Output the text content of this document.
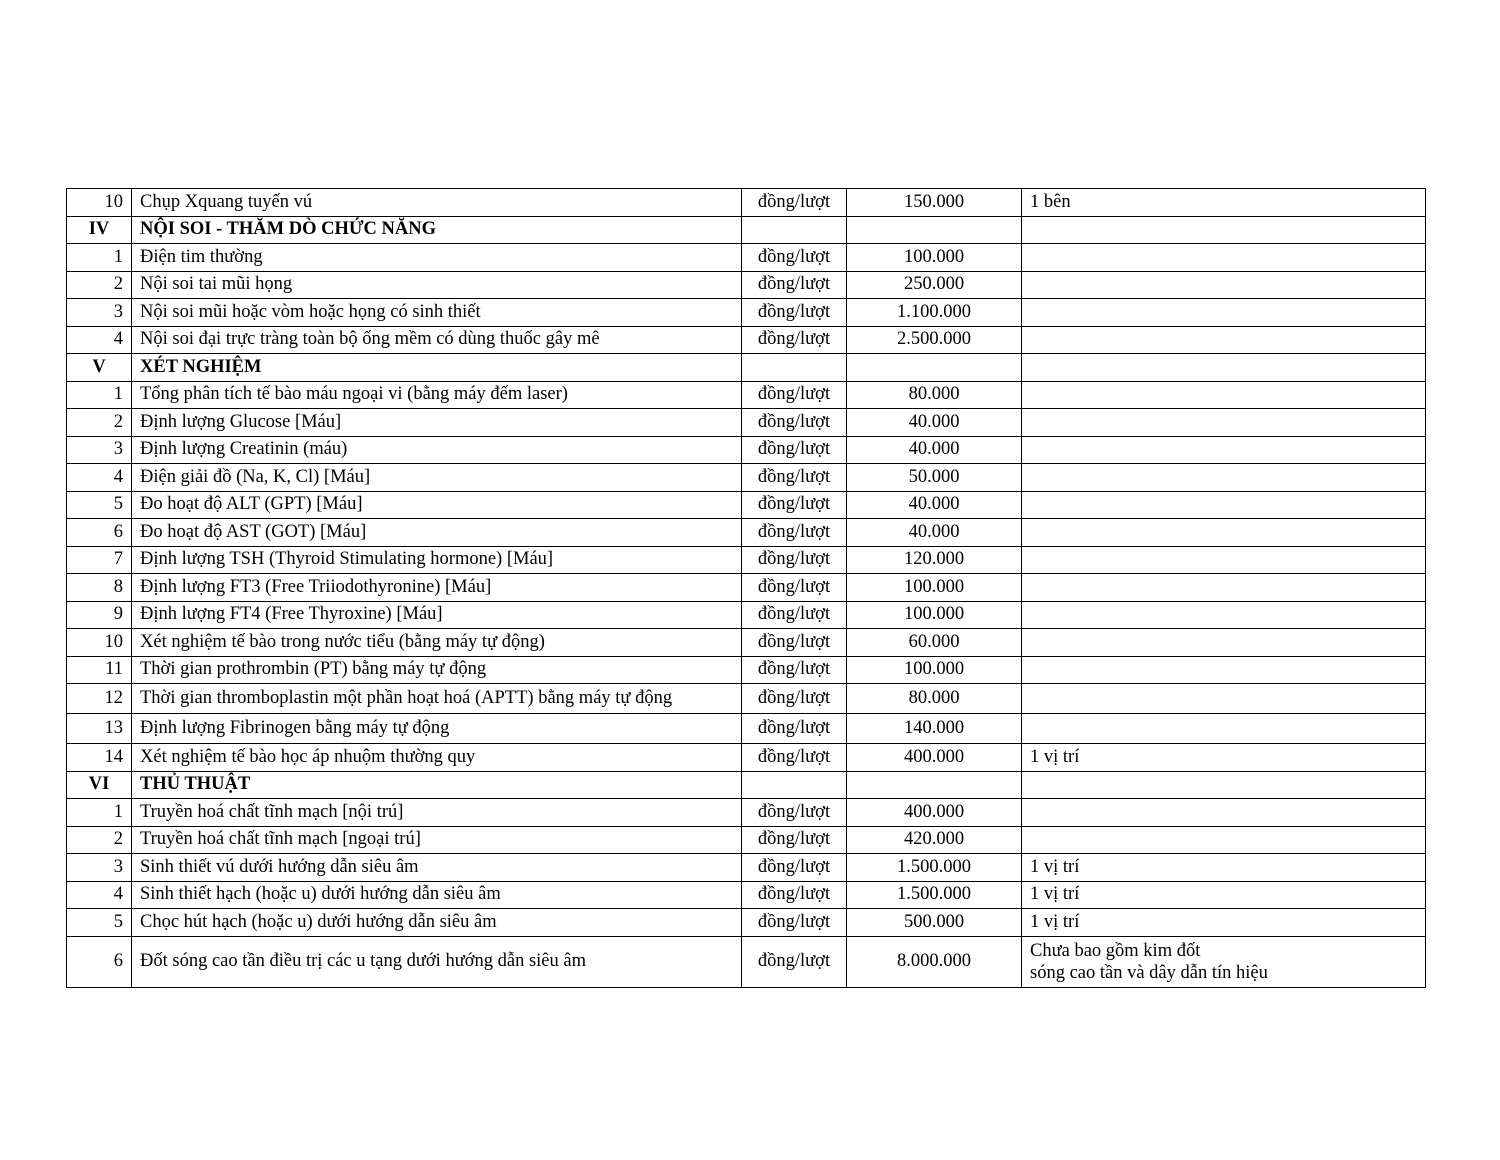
10	Chụp Xquang tuyến vú	đồng/lượt	150.000	1 bên
IV	NỘI SOI - THĂM DÒ CHỨC NĂNG			
1	Điện tim thường	đồng/lượt	100.000	
2	Nội soi tai mũi họng	đồng/lượt	250.000	
3	Nội soi mũi hoặc vòm hoặc họng có sinh thiết	đồng/lượt	1.100.000	
4	Nội soi đại trực tràng toàn bộ ống mềm có dùng thuốc gây mê	đồng/lượt	2.500.000	
V	XÉT NGHIỆM			
1	Tổng phân tích tế bào máu ngoại vi (bằng máy đếm laser)	đồng/lượt	80.000	
2	Định lượng Glucose [Máu]	đồng/lượt	40.000	
3	Định lượng Creatinin (máu)	đồng/lượt	40.000	
4	Điện giải đồ (Na, K, Cl) [Máu]	đồng/lượt	50.000	
5	Đo hoạt độ ALT (GPT) [Máu]	đồng/lượt	40.000	
6	Đo hoạt độ AST (GOT) [Máu]	đồng/lượt	40.000	
7	Định lượng TSH (Thyroid Stimulating hormone) [Máu]	đồng/lượt	120.000	
8	Định lượng FT3 (Free Triiodothyronine) [Máu]	đồng/lượt	100.000	
9	Định lượng FT4 (Free Thyroxine) [Máu]	đồng/lượt	100.000	
10	Xét nghiệm tế bào trong nước tiểu (bằng máy tự động)	đồng/lượt	60.000	
11	Thời gian prothrombin (PT) bằng máy tự động	đồng/lượt	100.000	
12	Thời gian thromboplastin một phần hoạt hoá (APTT) bằng máy tự động	đồng/lượt	80.000	
13	Định lượng Fibrinogen bằng máy tự động	đồng/lượt	140.000	
14	Xét nghiệm tế bào học áp nhuộm thường quy	đồng/lượt	400.000	1 vị trí
VI	THỦ THUẬT			
1	Truyền hoá chất tĩnh mạch [nội trú]	đồng/lượt	400.000	
2	Truyền hoá chất tĩnh mạch [ngoại trú]	đồng/lượt	420.000	
3	Sinh thiết vú dưới hướng dẫn siêu âm	đồng/lượt	1.500.000	1 vị trí
4	Sinh thiết hạch (hoặc u) dưới hướng dẫn siêu âm	đồng/lượt	1.500.000	1 vị trí
5	Chọc hút hạch (hoặc u) dưới hướng dẫn siêu âm	đồng/lượt	500.000	1 vị trí
6	Đốt sóng cao tần điều trị các u tạng dưới hướng dẫn siêu âm	đồng/lượt	8.000.000	Chưa bao gồm kim đốt
sóng cao tần và dây dẫn tín hiệu
